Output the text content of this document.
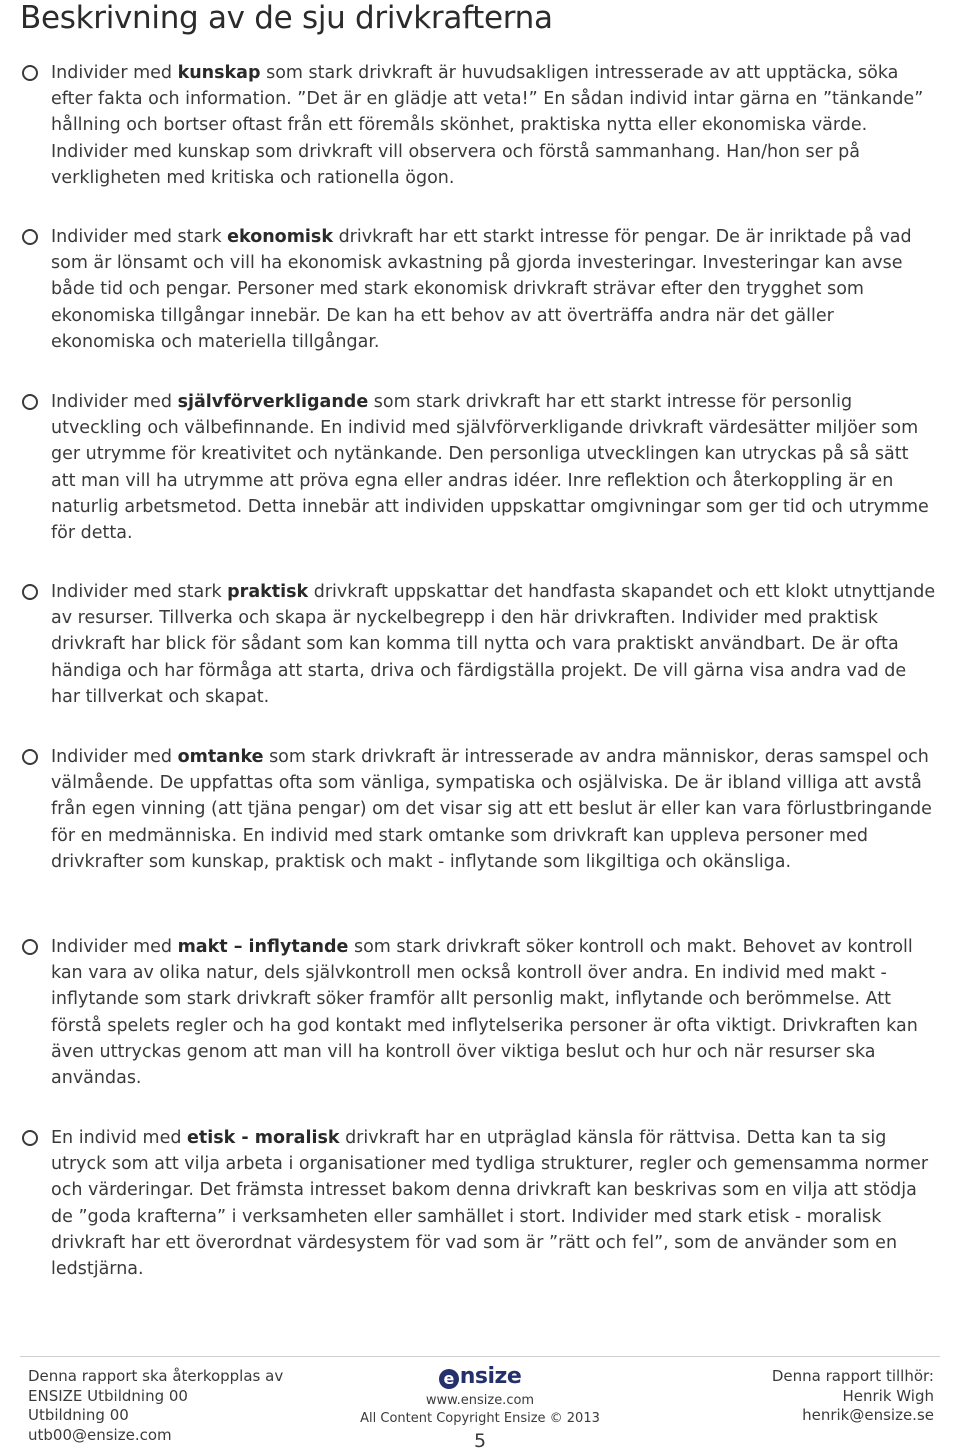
Beskrivning av de sju drivkrafterna

Individer med kunskap som stark drivkraft är huvudsakligen intresserade av att upptäcka, söka efter fakta och information. ”Det är en glädje att veta!” En sådan individ intar gärna en ”tänkande” hållning och bortser oftast från ett föremåls skönhet, praktiska nytta eller ekonomiska värde. Individer med kunskap som drivkraft vill observera och förstå sammanhang. Han/hon ser på verkligheten med kritiska och rationella ögon.

Individer med stark ekonomisk drivkraft har ett starkt intresse för pengar. De är inriktade på vad som är lönsamt och vill ha ekonomisk avkastning på gjorda investeringar. Investeringar kan avse både tid och pengar. Personer med stark ekonomisk drivkraft strävar efter den trygghet som ekonomiska tillgångar innebär. De kan ha ett behov av att överträffa andra när det gäller ekonomiska och materiella tillgångar.

Individer med självförverkligande som stark drivkraft har ett starkt intresse för personlig utveckling och välbefinnande. En individ med självförverkligande drivkraft värdesätter miljöer som ger utrymme för kreativitet och nytänkande. Den personliga utvecklingen kan utryckas på så sätt att man vill ha utrymme att pröva egna eller andras idéer. Inre reflektion och återkoppling är en naturlig arbetsmetod. Detta innebär att individen uppskattar omgivningar som ger tid och utrymme för detta.

Individer med stark praktisk drivkraft uppskattar det handfasta skapandet och ett klokt utnyttjande av resurser. Tillverka och skapa är nyckelbegrepp i den här drivkraften. Individer med praktisk drivkraft har blick för sådant som kan komma till nytta och vara praktiskt användbart. De är ofta händiga och har förmåga att starta, driva och färdigställa projekt. De vill gärna visa andra vad de har tillverkat och skapat.

Individer med omtanke som stark drivkraft är intresserade av andra människor, deras samspel och välmående. De uppfattas ofta som vänliga, sympatiska och osjälviska. De är ibland villiga att avstå från egen vinning (att tjäna pengar) om det visar sig att ett beslut är eller kan vara förlustbringande för en medmänniska. En individ med stark omtanke som drivkraft kan uppleva personer med drivkrafter som kunskap, praktisk och makt - inflytande som likgiltiga och okänsliga.

Individer med makt – inflytande som stark drivkraft söker kontroll och makt. Behovet av kontroll kan vara av olika natur, dels självkontroll men också kontroll över andra. En individ med makt - inflytande som stark drivkraft söker framför allt personlig makt, inflytande och berömmelse. Att förstå spelets regler och ha god kontakt med inflytelserika personer är ofta viktigt. Drivkraften kan även uttryckas genom att man vill ha kontroll över viktiga beslut och hur och när resurser ska användas.

En individ med etisk - moralisk drivkraft har en utpräglad känsla för rättvisa. Detta kan ta sig utryck som att vilja arbeta i organisationer med tydliga strukturer, regler och gemensamma normer och värderingar. Det främsta intresset bakom denna drivkraft kan beskrivas som en vilja att stödja de ”goda krafterna” i verksamheten eller samhället i stort. Individer med stark etisk - moralisk drivkraft har ett överordnat värdesystem för vad som är ”rätt och fel”, som de använder som en ledstjärna.

Denna rapport ska återkopplas av
ENSIZE Utbildning 00
Utbildning 00
utb00@ensize.com
e nsize
www.ensize.com
All Content Copyright Ensize © 2013
5
Denna rapport tillhör:
Henrik Wigh
henrik@ensize.se
